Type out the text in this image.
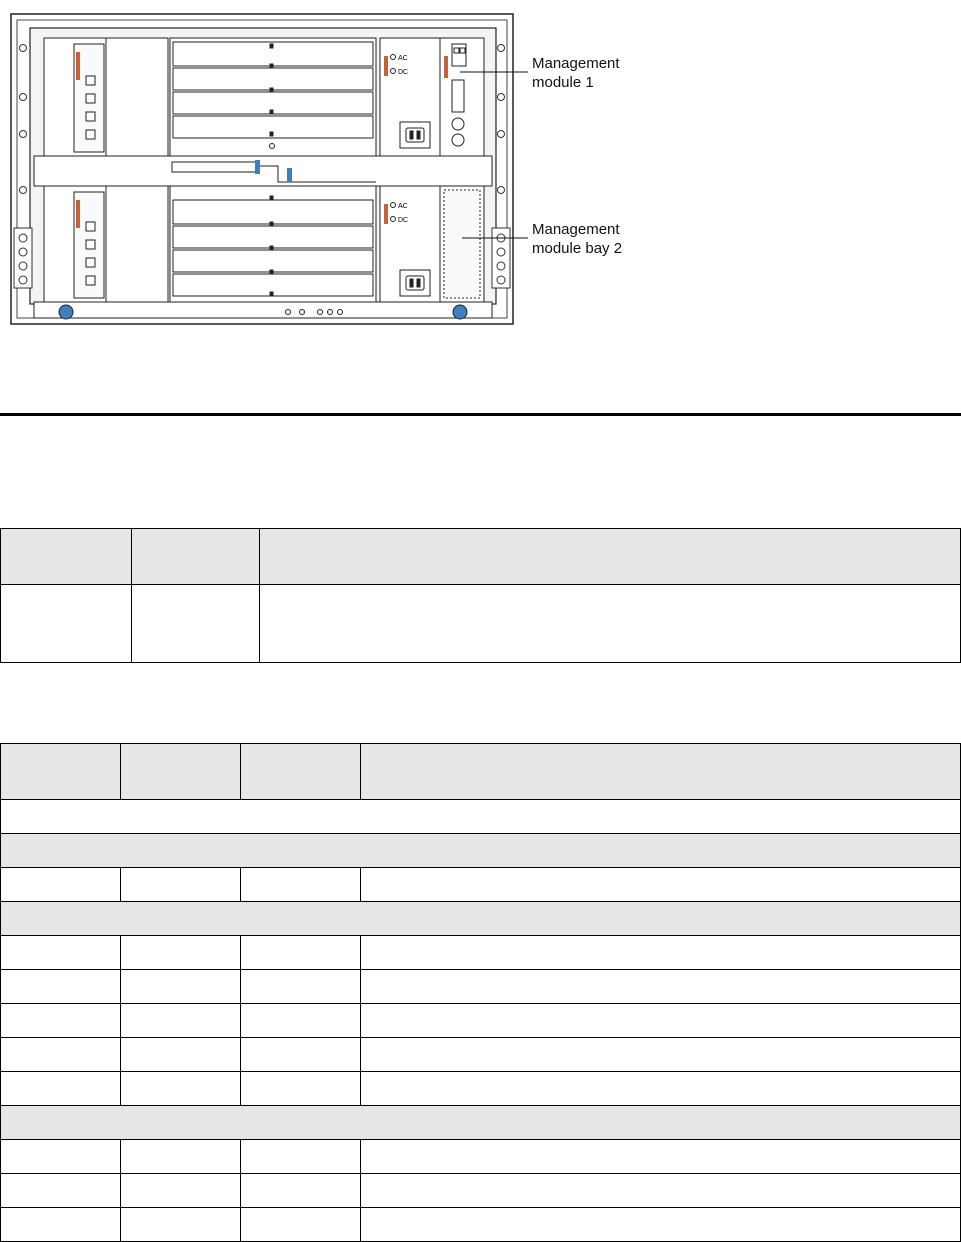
AC
DC
AC
DC
Management
module 1
Management
module bay 2
